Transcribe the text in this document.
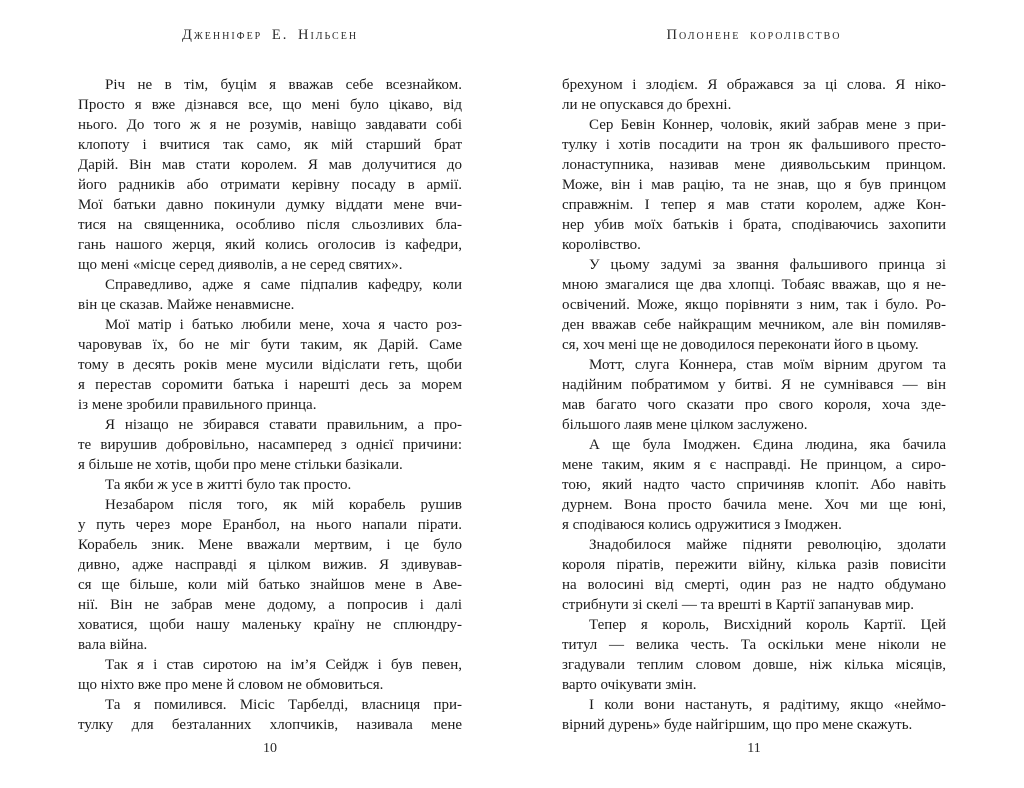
Дженніфер Е. Нільсен
Річ не в тім, буцім я вважав себе всезнайком.
Просто я вже дізнався все, що мені було цікаво, від
нього. До того ж я не розумів, навіщо завдавати собі
клопоту і вчитися так само, як мій старший брат
Дарій. Він мав стати королем. Я мав долучитися до
його радників або отримати керівну посаду в армії.
Мої батьки давно покинули думку віддати мене вчи-
тися на священника, особливо після сльозливих бла-
гань нашого жерця, який колись оголосив із кафедри,
що мені «місце серед дияволів, а не серед святих».
Справедливо, адже я саме підпалив кафедру, коли
він це сказав. Майже ненавмисне.
Мої матір і батько любили мене, хоча я часто роз-
чаровував їх, бо не міг бути таким, як Дарій. Саме
тому в десять років мене мусили відіслати геть, щоби
я перестав соромити батька і нарешті десь за морем
із мене зробили правильного принца.
Я нізащо не збирався ставати правильним, а про-
те вирушив добровільно, насамперед з однієї причини:
я більше не хотів, щоби про мене стільки базікали.
Та якби ж усе в житті було так просто.
Незабаром після того, як мій корабель рушив
у путь через море Еранбол, на нього напали пірати.
Корабель зник. Мене вважали мертвим, і це було
дивно, адже насправді я цілком вижив. Я здивував-
ся ще більше, коли мій батько знайшов мене в Аве-
нії. Він не забрав мене додому, а попросив і далі
ховатися, щоби нашу маленьку країну не сплюндру-
вала війна.
Так я і став сиротою на ім’я Сейдж і був певен,
що ніхто вже про мене й словом не обмовиться.
Та я помилився. Місіс Тарбелді, власниця при-
тулку для безталанних хлопчиків, називала мене
10
Полонене королівство
брехуном і злодієм. Я ображався за ці слова. Я ніко-
ли не опускався до брехні.
Сер Бевін Коннер, чоловік, який забрав мене з при-
тулку і хотів посадити на трон як фальшивого престо-
лонаступника, називав мене диявольським принцом.
Може, він і мав рацію, та не знав, що я був принцом
справжнім. І тепер я мав стати королем, адже Кон-
нер убив моїх батьків і брата, сподіваючись захопити
королівство.
У цьому задумі за звання фальшивого принца зі
мною змагалися ще два хлопці. Тобаяс вважав, що я не-
освічений. Може, якщо порівняти з ним, так і було. Ро-
ден вважав себе найкращим мечником, але він помиляв-
ся, хоч мені ще не доводилося переконати його в цьому.
Мотт, слуга Коннера, став моїм вірним другом та
надійним побратимом у битві. Я не сумнівався — він
мав багато чого сказати про свого короля, хоча зде-
більшого лаяв мене цілком заслужено.
А ще була Імоджен. Єдина людина, яка бачила
мене таким, яким я є насправді. Не принцом, а сиро-
тою, який надто часто спричиняв клопіт. Або навіть
дурнем. Вона просто бачила мене. Хоч ми ще юні,
я сподіваюся колись одружитися з Імоджен.
Знадобилося майже підняти революцію, здолати
короля піратів, пережити війну, кілька разів повисіти
на волосині від смерті, один раз не надто обдумано
стрибнути зі скелі — та врешті в Картії запанував мир.
Тепер я король, Висхідний король Картії. Цей
титул — велика честь. Та оскільки мене ніколи не
згадували теплим словом довше, ніж кілька місяців,
варто очікувати змін.
І коли вони настануть, я радітиму, якщо «неймо-
вірний дурень» буде найгіршим, що про мене скажуть.
11
